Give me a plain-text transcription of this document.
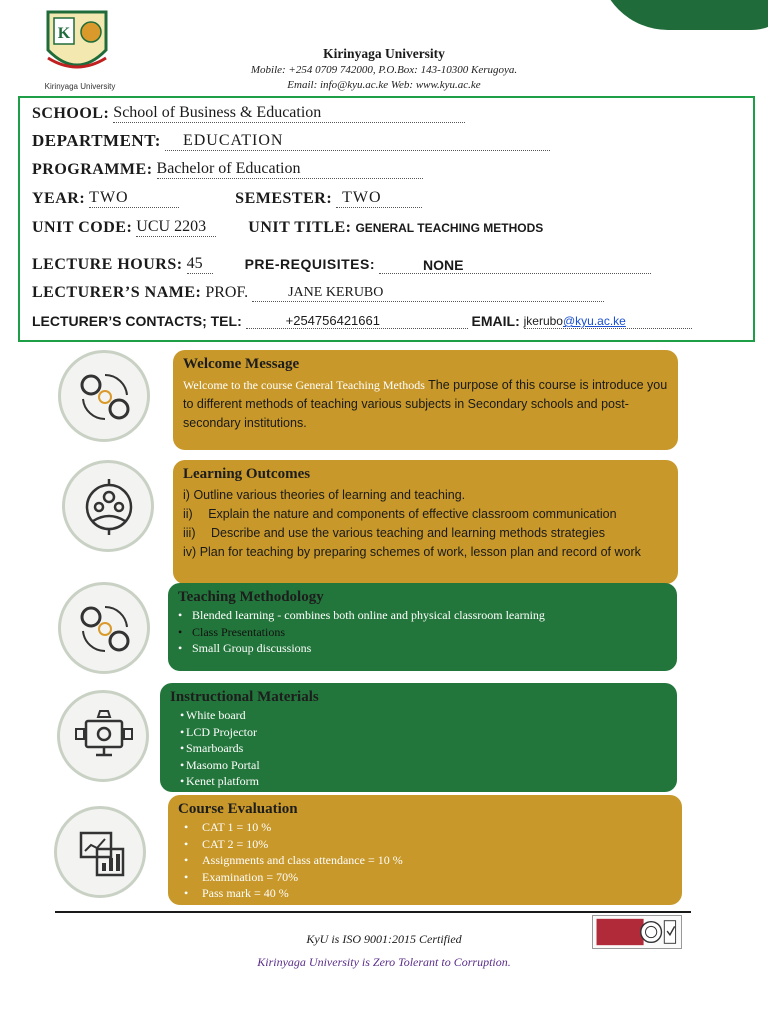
K
Kirinyaga University
Kirinyaga University
Mobile: +254 0709 742000, P.O.Box: 143-10300 Kerugoya.
Email: info@kyu.ac.ke Web: www.kyu.ac.ke
SCHOOL: School of Business & Education
DEPARTMENT: EDUCATION
PROGRAMME: Bachelor of Education
YEAR: TWO	SEMESTER: TWO
UNIT CODE: UCU 2203	UNIT TITLE: GENERAL TEACHING METHODS
LECTURE HOURS: 45	PRE-REQUISITES:	NONE
LECTURER’S NAME: PROF.	JANE KERUBO
LECTURER’S CONTACTS; TEL:	+254756421661	EMAIL: jkerubo@kyu.ac.ke
Welcome Message

Welcome to the course General Teaching Methods The purpose of this course is introduce you to different methods of teaching various subjects in Secondary schools and post- secondary institutions.

Learning Outcomes
i) Outline various theories of learning and teaching.
ii) Explain the nature and components of effective classroom communication
iii) Describe and use the various teaching and learning methods strategies
iv) Plan for teaching by preparing schemes of work, lesson plan and record of work
Teaching Methodology
• Blended learning - combines both online and physical classroom learning
• Class Presentations
• Small Group discussions
Instructional Materials
• White board
• LCD Projector
• Smarboards
• Masomo Portal
• Kenet platform
Course Evaluation
• CAT 1 = 10 %
• CAT 2 = 10%
• Assignments and class attendance = 10 %
• Examination = 70%
• Pass mark = 40 %
KyU is ISO 9001:2015 Certified
Kirinyaga University is Zero Tolerant to Corruption.
